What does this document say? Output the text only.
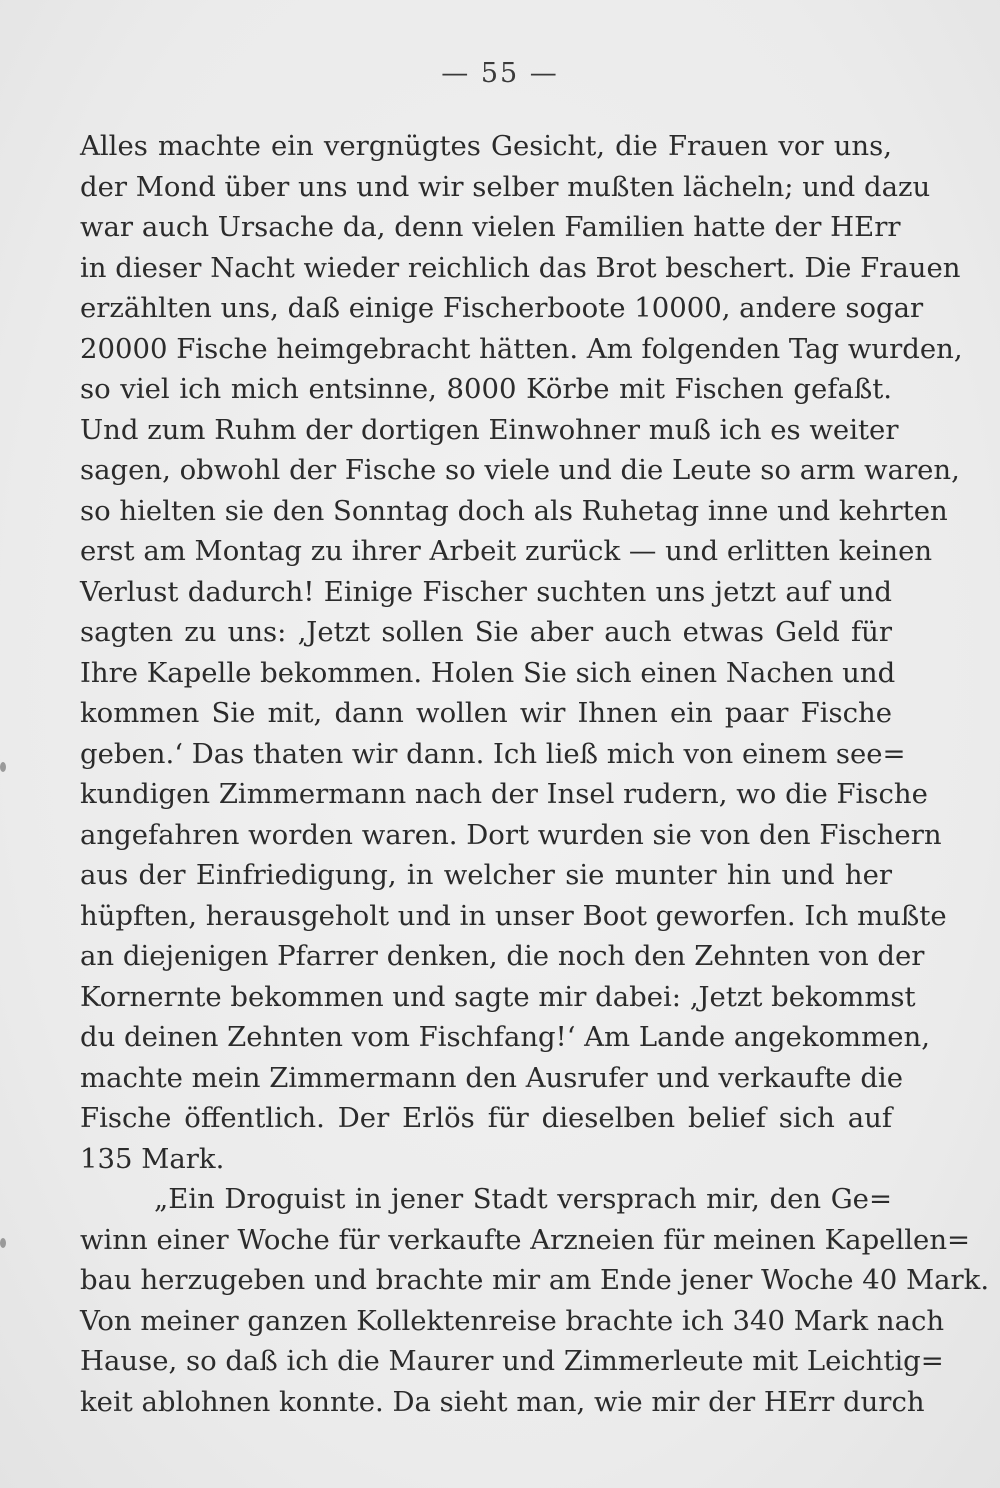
— 55 —
Alles machte ein vergnügtes Gesicht, die Frauen vor uns,
der Mond über uns und wir selber mußten lächeln; und dazu
war auch Ursache da, denn vielen Familien hatte der HErr
in dieser Nacht wieder reichlich das Brot beschert. Die Frauen
erzählten uns, daß einige Fischerboote 10000, andere sogar
20000 Fische heimgebracht hätten. Am folgenden Tag wurden,
so viel ich mich entsinne, 8000 Körbe mit Fischen gefaßt.
Und zum Ruhm der dortigen Einwohner muß ich es weiter
sagen, obwohl der Fische so viele und die Leute so arm waren,
so hielten sie den Sonntag doch als Ruhetag inne und kehrten
erst am Montag zu ihrer Arbeit zurück — und erlitten keinen
Verlust dadurch! Einige Fischer suchten uns jetzt auf und
sagten zu uns: ‚Jetzt sollen Sie aber auch etwas Geld für
Ihre Kapelle bekommen. Holen Sie sich einen Nachen und
kommen Sie mit, dann wollen wir Ihnen ein paar Fische
geben.‘ Das thaten wir dann. Ich ließ mich von einem see=
kundigen Zimmermann nach der Insel rudern, wo die Fische
angefahren worden waren. Dort wurden sie von den Fischern
aus der Einfriedigung, in welcher sie munter hin und her
hüpften, herausgeholt und in unser Boot geworfen. Ich mußte
an diejenigen Pfarrer denken, die noch den Zehnten von der
Kornernte bekommen und sagte mir dabei: ‚Jetzt bekommst
du deinen Zehnten vom Fischfang!‘ Am Lande angekommen,
machte mein Zimmermann den Ausrufer und verkaufte die
Fische öffentlich. Der Erlös für dieselben belief sich auf
135 Mark.
„Ein Droguist in jener Stadt versprach mir, den Ge=
winn einer Woche für verkaufte Arzneien für meinen Kapellen=
bau herzugeben und brachte mir am Ende jener Woche 40 Mark.
Von meiner ganzen Kollektenreise brachte ich 340 Mark nach
Hause, so daß ich die Maurer und Zimmerleute mit Leichtig=
keit ablohnen konnte. Da sieht man, wie mir der HErr durch
